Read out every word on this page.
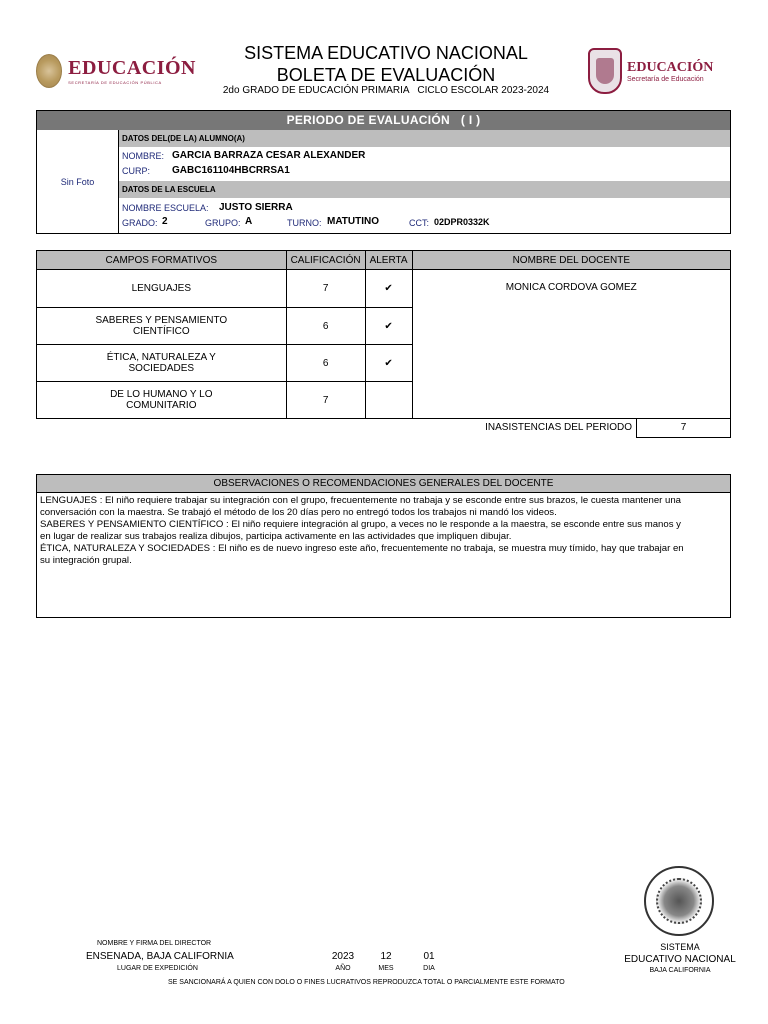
EDUCACIÓN
SECRETARÍA DE EDUCACIÓN PÚBLICA
SISTEMA EDUCATIVO NACIONAL
BOLETA DE EVALUACIÓN
2do GRADO DE EDUCACIÓN PRIMARIA   CICLO ESCOLAR 2023-2024
EDUCACIÓN
Secretaría de Educación
PERIODO DE EVALUACIÓN   ( I )
Sin Foto
DATOS DEL(DE LA) ALUMNO(A)
NOMBRE: GARCIA BARRAZA CESAR ALEXANDER
CURP: GABC161104HBCRRSA1
DATOS DE LA ESCUELA
NOMBRE ESCUELA: JUSTO SIERRA
GRADO: 2	GRUPO: A	TURNO: MATUTINO	CCT: 02DPR0332K
CAMPOS FORMATIVOS	CALIFICACIÓN	ALERTA	NOMBRE DEL DOCENTE
LENGUAJES	7	✔	MONICA CORDOVA GOMEZ
SABERES Y PENSAMIENTO
CIENTÍFICO	6	✔	
ÉTICA, NATURALEZA Y
SOCIEDADES	6	✔	
DE LO HUMANO Y LO
COMUNITARIO	7		
INASISTENCIAS DEL PERIODO	7
OBSERVACIONES O RECOMENDACIONES GENERALES DEL DOCENTE
LENGUAJES : El niño requiere trabajar su integración con el grupo, frecuentemente no trabaja y se esconde entre sus brazos, le cuesta mantener una
conversación con la maestra. Se trabajó el método de los 20 días pero no entregó todos los trabajos ni mandó los videos.
SABERES Y PENSAMIENTO CIENTÍFICO : El niño requiere integración al grupo, a veces no le responde a la maestra, se esconde entre sus manos y
en lugar de realizar sus trabajos realiza dibujos, participa activamente en las actividades que impliquen dibujar.
ÉTICA, NATURALEZA Y SOCIEDADES : El niño es de nuevo ingreso este año, frecuentemente no trabaja, se muestra muy tímido, hay que trabajar en
su integración grupal.
SISTEMA
EDUCATIVO NACIONAL
BAJA CALIFORNIA
NOMBRE Y FIRMA DEL DIRECTOR
ENSENADA, BAJA CALIFORNIA
LUGAR DE EXPEDICIÓN
2023	12	01
AÑO	MES	DIA
SE SANCIONARÁ A QUIEN CON DOLO O FINES LUCRATIVOS REPRODUZCA TOTAL O PARCIALMENTE ESTE FORMATO
